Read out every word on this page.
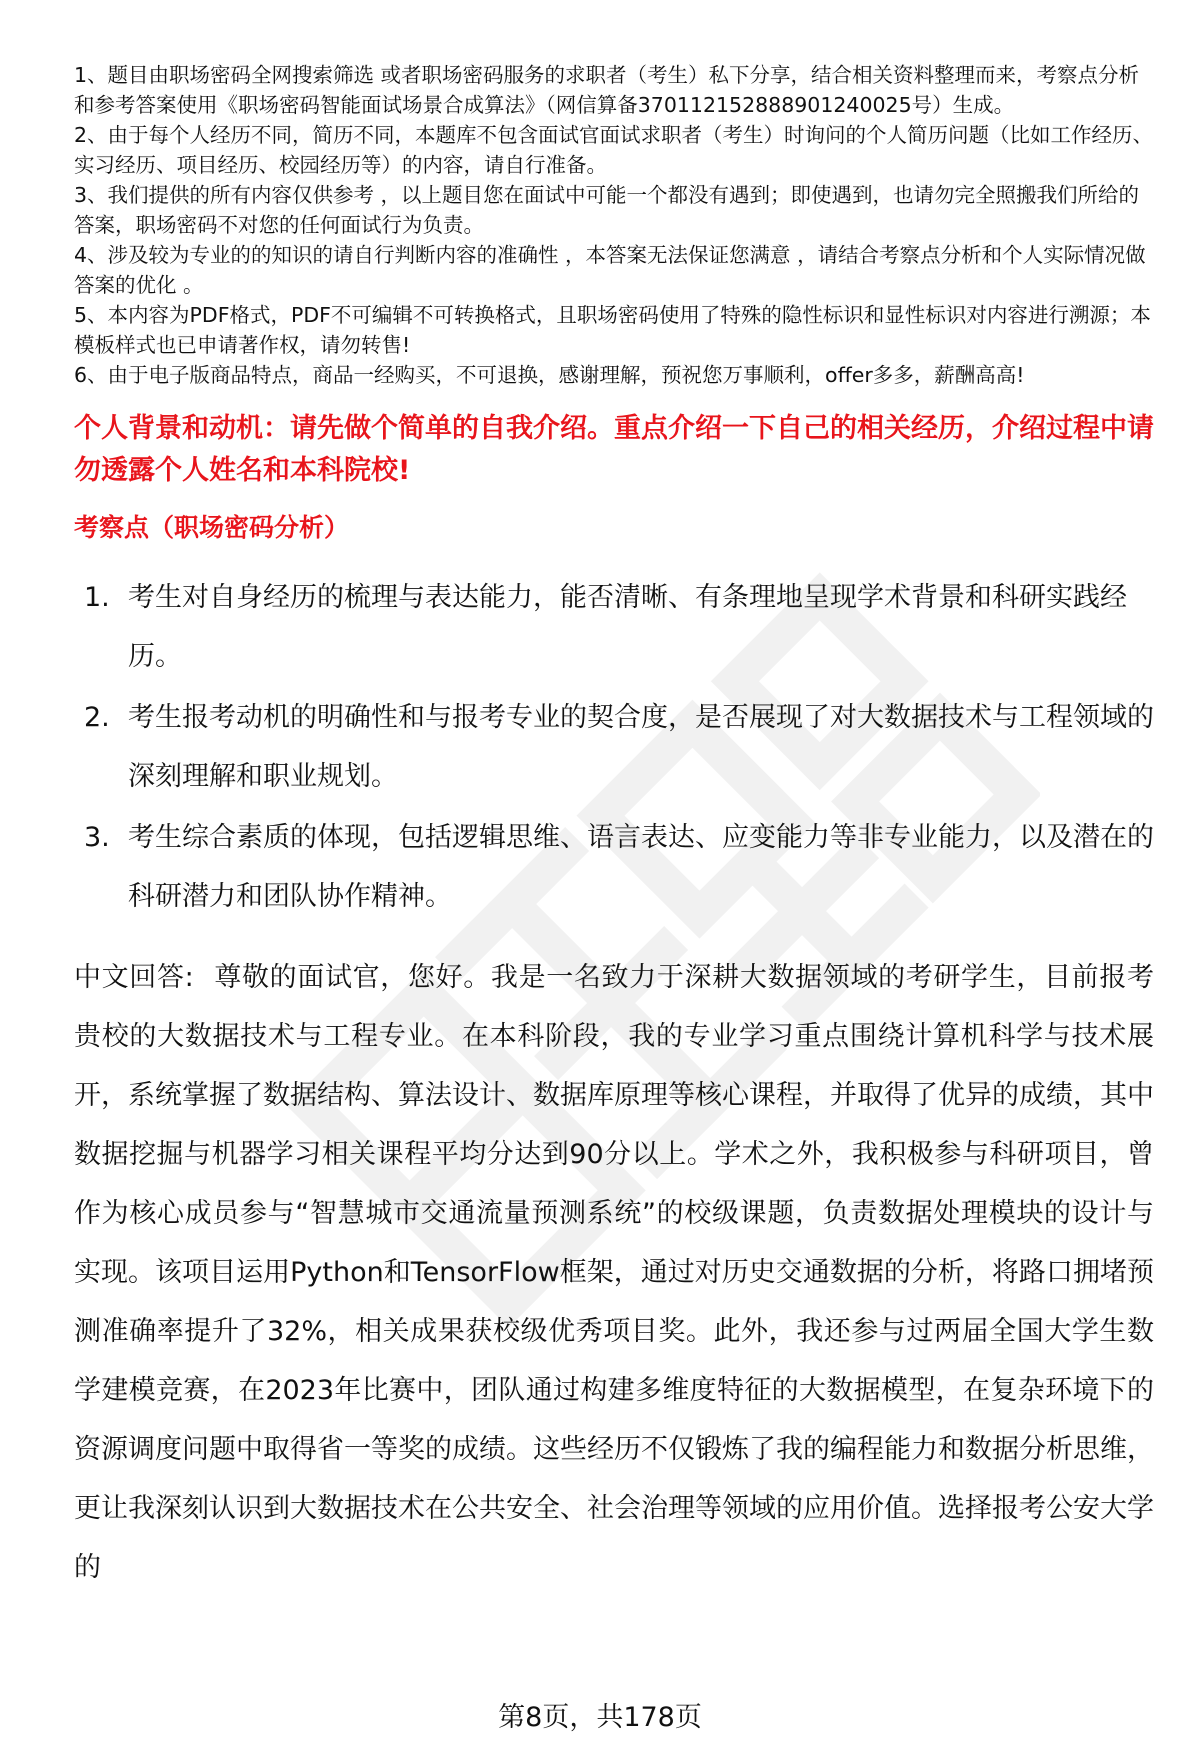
1、题目由职场密码全网搜索筛选 或者职场密码服务的求职者（考生）私下分享，结合相关资料整理而来，考察点分析和参考答案使用《职场密码智能面试场景合成算法》（网信算备370112152888901240025号）生成。
2、由于每个人经历不同，简历不同，本题库不包含面试官面试求职者（考生）时询问的个人简历问题（比如工作经历、实习经历、项目经历、校园经历等）的内容，请自行准备。
3、我们提供的所有内容仅供参考 ，以上题目您在面试中可能一个都没有遇到；即使遇到，也请勿完全照搬我们所给的答案，职场密码不对您的任何面试行为负责。
4、涉及较为专业的的知识的请自行判断内容的准确性 ，本答案无法保证您满意 ，请结合考察点分析和个人实际情况做答案的优化 。
5、本内容为PDF格式，PDF不可编辑不可转换格式，且职场密码使用了特殊的隐性标识和显性标识对内容进行溯源；本模板样式也已申请著作权，请勿转售!
6、由于电子版商品特点，商品一经购买，不可退换，感谢理解，预祝您万事顺利，offer多多，薪酬高高!
个人背景和动机：请先做个简单的自我介绍。重点介绍一下自己的相关经历，介绍过程中请勿透露个人姓名和本科院校!
考察点（职场密码分析）
1. 考生对自身经历的梳理与表达能力，能否清晰、有条理地呈现学术背景和科研实践经历。
2. 考生报考动机的明确性和与报考专业的契合度，是否展现了对大数据技术与工程领域的深刻理解和职业规划。
3. 考生综合素质的体现，包括逻辑思维、语言表达、应变能力等非专业能力，以及潜在的科研潜力和团队协作精神。

中文回答: 尊敬的面试官，您好。我是一名致力于深耕大数据领域的考研学生，目前报考贵校的大数据技术与工程专业。在本科阶段，我的专业学习重点围绕计算机科学与技术展开，系统掌握了数据结构、算法设计、数据库原理等核心课程，并取得了优异的成绩，其中数据挖掘与机器学习相关课程平均分达到90分以上。学术之外，我积极参与科研项目，曾作为核心成员参与“智慧城市交通流量预测系统”的校级课题，负责数据处理模块的设计与实现。该项目运用Python和TensorFlow框架，通过对历史交通数据的分析，将路口拥堵预测准确率提升了32%，相关成果获校级优秀项目奖。此外，我还参与过两届全国大学生数学建模竞赛，在2023年比赛中，团队通过构建多维度特征的大数据模型，在复杂环境下的资源调度问题中取得省一等奖的成绩。这些经历不仅锻炼了我的编程能力和数据分析思维，更让我深刻认识到大数据技术在公共安全、社会治理等领域的应用价值。选择报考公安大学的

第8页，共178页
